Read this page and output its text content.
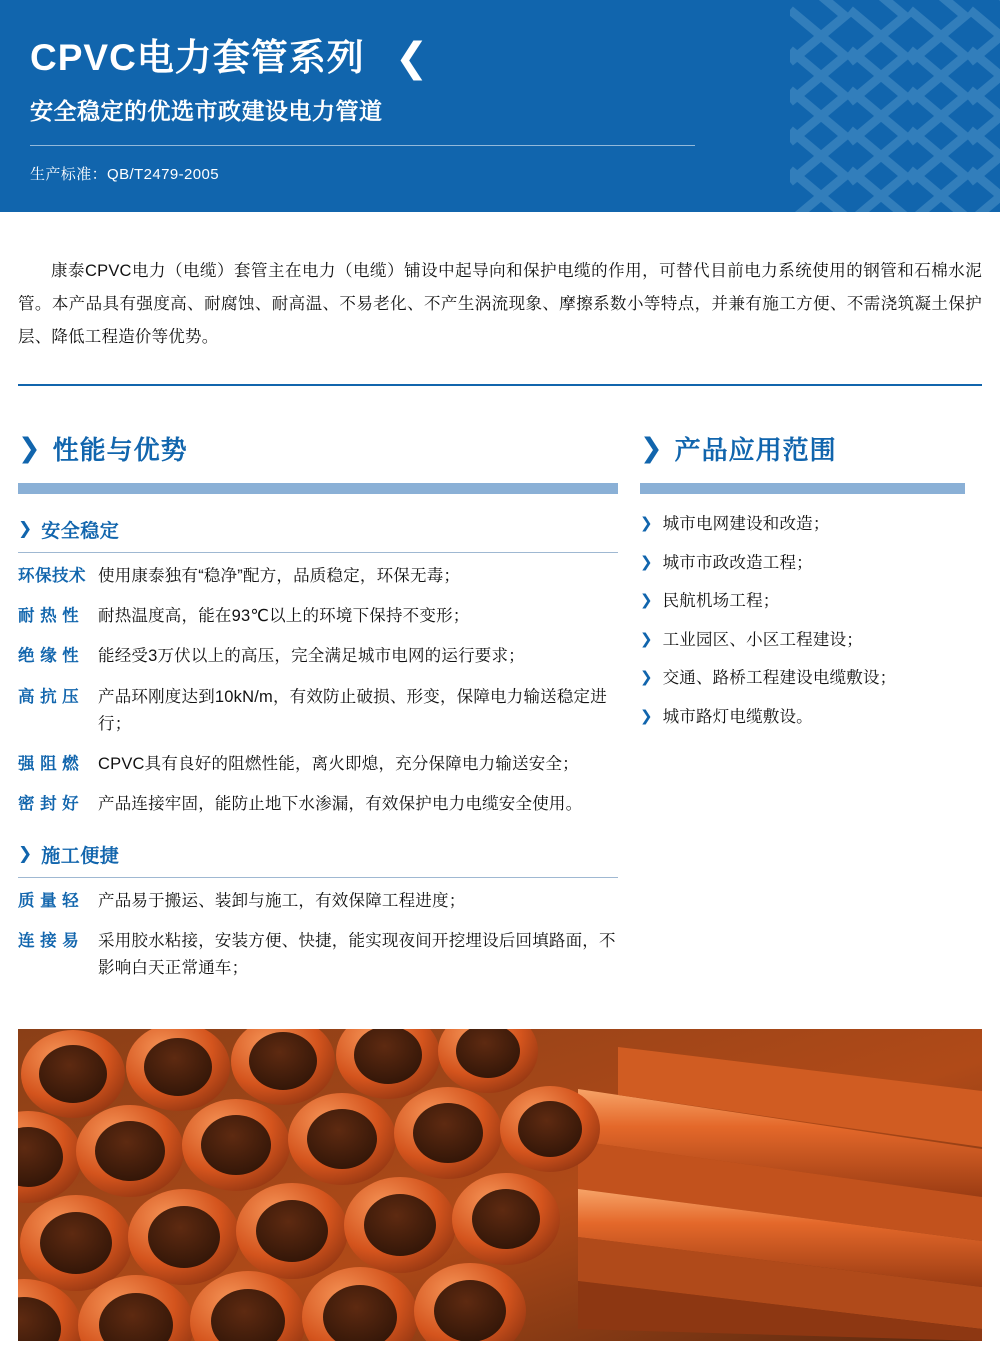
CPVC电力套管系列 ❮
安全稳定的优选市政建设电力管道
生产标准：QB/T2479-2005

康泰CPVC电力（电缆）套管主在电力（电缆）铺设中起导向和保护电缆的作用，可替代目前电力系统使用的钢管和石棉水泥管。本产品具有强度高、耐腐蚀、耐高温、不易老化、不产生涡流现象、摩擦系数小等特点，并兼有施工方便、不需浇筑凝土保护层、降低工程造价等优势。

❯ 性能与优势
❯ 安全稳定
环保技术 使用康泰独有“稳净”配方，品质稳定，环保无毒；
耐 热 性	耐热温度高，能在93℃以上的环境下保持不变形；
绝 缘 性	能经受3万伏以上的高压，完全满足城市电网的运行要求；
高 抗 压	产品环刚度达到10kN/m，有效防止破损、形变，保障电力输送稳定进行；
强 阻 燃	CPVC具有良好的阻燃性能，离火即熄，充分保障电力输送安全；
密 封 好	产品连接牢固，能防止地下水渗漏，有效保护电力电缆安全使用。
❯ 施工便捷
质 量 轻	产品易于搬运、装卸与施工，有效保障工程进度；
连 接 易	采用胶水粘接，安装方便、快捷，能实现夜间开挖埋设后回填路面，不影响白天正常通车；
❯ 产品应用范围
❯ 城市电网建设和改造；
❯ 城市市政改造工程；
❯ 民航机场工程；
❯ 工业园区、小区工程建设；
❯ 交通、路桥工程建设电缆敷设；
❯ 城市路灯电缆敷设。
